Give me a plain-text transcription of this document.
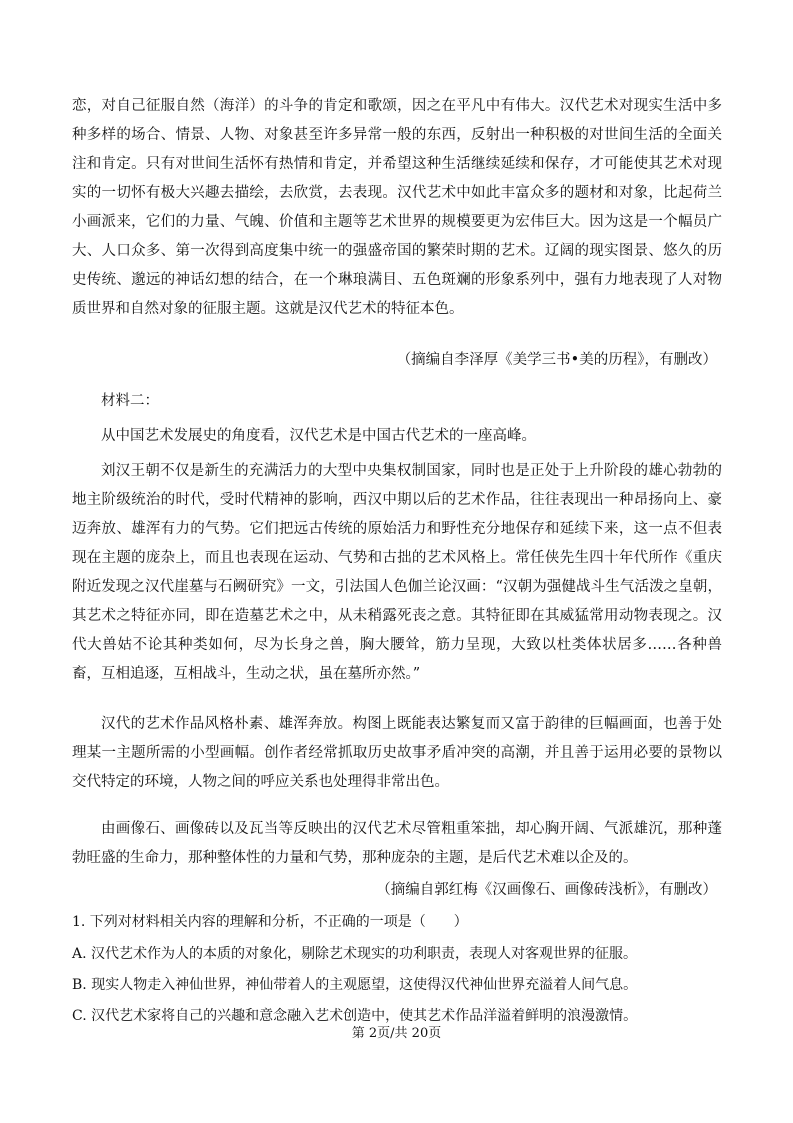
恋，对自己征服自然（海洋）的斗争的肯定和歌颂，因之在平凡中有伟大。汉代艺术对现实生活中多种多样的场合、情景、人物、对象甚至许多异常一般的东西，反射出一种积极的对世间生活的全面关注和肯定。只有对世间生活怀有热情和肯定，并希望这种生活继续延续和保存，才可能使其艺术对现实的一切怀有极大兴趣去描绘，去欣赏，去表现。汉代艺术中如此丰富众多的题材和对象，比起荷兰小画派来，它们的力量、气魄、价值和主题等艺术世界的规模要更为宏伟巨大。因为这是一个幅员广大、人口众多、第一次得到高度集中统一的强盛帝国的繁荣时期的艺术。辽阔的现实图景、悠久的历史传统、邈远的神话幻想的结合，在一个琳琅满目、五色斑斓的形象系列中，强有力地表现了人对物质世界和自然对象的征服主题。这就是汉代艺术的特征本色。
（摘编自李泽厚《美学三书•美的历程》，有删改）
材料二：
从中国艺术发展史的角度看，汉代艺术是中国古代艺术的一座高峰。
刘汉王朝不仅是新生的充满活力的大型中央集权制国家，同时也是正处于上升阶段的雄心勃勃的地主阶级统治的时代，受时代精神的影响，西汉中期以后的艺术作品，往往表现出一种昂扬向上、豪迈奔放、雄浑有力的气势。它们把远古传统的原始活力和野性充分地保存和延续下来，这一点不但表现在主题的庞杂上，而且也表现在运动、气势和古拙的艺术风格上。常任侠先生四十年代所作《重庆附近发现之汉代崖墓与石阙研究》一文，引法国人色伽兰论汉画：“汉朝为强健战斗生气活泼之皇朝，其艺术之特征亦同，即在造墓艺术之中，从未稍露死丧之意。其特征即在其威猛常用动物表现之。汉代大兽姑不论其种类如何，尽为长身之兽，胸大腰耸，筋力呈现，大致以杜类体状居多……各种兽畜，互相追逐，互相战斗，生动之状，虽在墓所亦然。”
汉代的艺术作品风格朴素、雄浑奔放。构图上既能表达繁复而又富于韵律的巨幅画面，也善于处理某一主题所需的小型画幅。创作者经常抓取历史故事矛盾冲突的高潮，并且善于运用必要的景物以交代特定的环境，人物之间的呼应关系也处理得非常出色。
由画像石、画像砖以及瓦当等反映出的汉代艺术尽管粗重笨拙，却心胸开阔、气派雄沉，那种蓬勃旺盛的生命力，那种整体性的力量和气势，那种庞杂的主题，是后代艺术难以企及的。
（摘编自郭红梅《汉画像石、画像砖浅析》，有删改）
1. 下列对材料相关内容的理解和分析，不正确的一项是（　　）
A. 汉代艺术作为人的本质的对象化，剔除艺术现实的功利职责，表现人对客观世界的征服。
B. 现实人物走入神仙世界，神仙带着人的主观愿望，这使得汉代神仙世界充溢着人间气息。
C. 汉代艺术家将自己的兴趣和意念融入艺术创造中，使其艺术作品洋溢着鲜明的浪漫激情。
第 2页/共 20页
